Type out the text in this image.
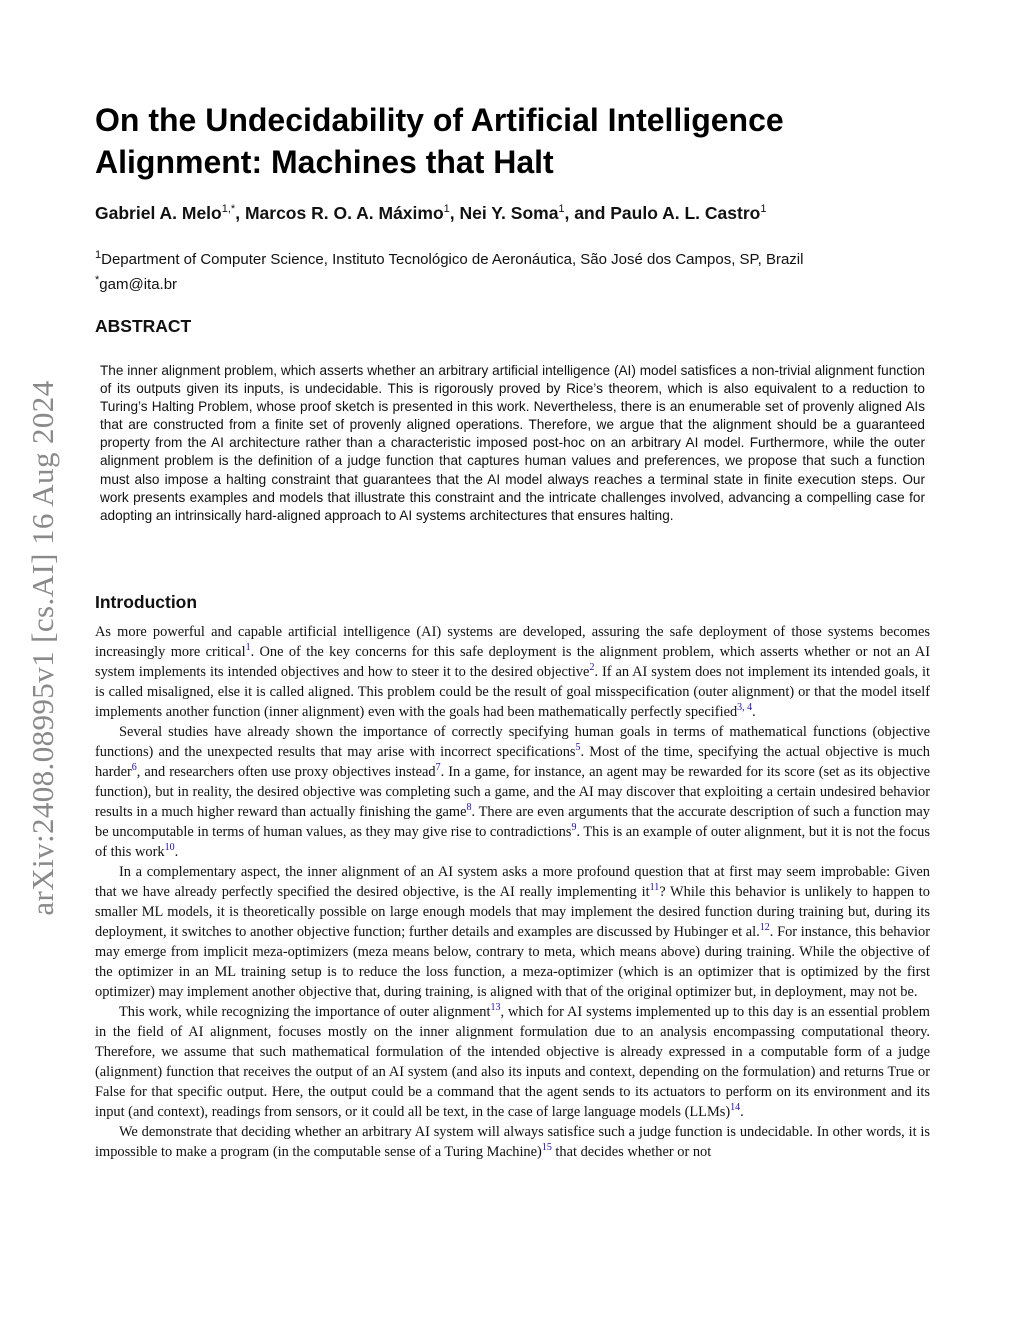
arXiv:2408.08995v1 [cs.AI] 16 Aug 2024
On the Undecidability of Artificial Intelligence Alignment: Machines that Halt
Gabriel A. Melo$^{1,*}$, Marcos R. O. A. Máximo$^1$, Nei Y. Soma$^1$, and Paulo A. L. Castro$^1$
$^1$Department of Computer Science, Instituto Tecnológico de Aeronáutica, São José dos Campos, SP, Brazil
*gam@ita.br
ABSTRACT

The inner alignment problem, which asserts whether an arbitrary artificial intelligence (AI) model satisfices a non-trivial alignment function of its outputs given its inputs, is undecidable. This is rigorously proved by Rice’s theorem, which is also equivalent to a reduction to Turing’s Halting Problem, whose proof sketch is presented in this work. Nevertheless, there is an enumerable set of provenly aligned AIs that are constructed from a finite set of provenly aligned operations. Therefore, we argue that the alignment should be a guaranteed property from the AI architecture rather than a characteristic imposed post-hoc on an arbitrary AI model. Furthermore, while the outer alignment problem is the definition of a judge function that captures human values and preferences, we propose that such a function must also impose a halting constraint that guarantees that the AI model always reaches a terminal state in finite execution steps. Our work presents examples and models that illustrate this constraint and the intricate challenges involved, advancing a compelling case for adopting an intrinsically hard-aligned approach to AI systems architectures that ensures halting.

Introduction

As more powerful and capable artificial intelligence (AI) systems are developed, assuring the safe deployment of those systems becomes increasingly more critical$^1$. One of the key concerns for this safe deployment is the alignment problem, which asserts whether or not an AI system implements its intended objectives and how to steer it to the desired objective$^2$. If an AI system does not implement its intended goals, it is called misaligned, else it is called aligned. This problem could be the result of goal misspecification (outer alignment) or that the model itself implements another function (inner alignment) even with the goals had been mathematically perfectly specified$^{3, 4}$.

Several studies have already shown the importance of correctly specifying human goals in terms of mathematical functions (objective functions) and the unexpected results that may arise with incorrect specifications$^5$. Most of the time, specifying the actual objective is much harder$^6$, and researchers often use proxy objectives instead$^7$. In a game, for instance, an agent may be rewarded for its score (set as its objective function), but in reality, the desired objective was completing such a game, and the AI may discover that exploiting a certain undesired behavior results in a much higher reward than actually finishing the game$^8$. There are even arguments that the accurate description of such a function may be uncomputable in terms of human values, as they may give rise to contradictions$^9$. This is an example of outer alignment, but it is not the focus of this work$^{10}$.

In a complementary aspect, the inner alignment of an AI system asks a more profound question that at first may seem improbable: Given that we have already perfectly specified the desired objective, is the AI really implementing it$^{11}$? While this behavior is unlikely to happen to smaller ML models, it is theoretically possible on large enough models that may implement the desired function during training but, during its deployment, it switches to another objective function; further details and examples are discussed by Hubinger et al.$^{12}$. For instance, this behavior may emerge from implicit meza-optimizers (meza means below, contrary to meta, which means above) during training. While the objective of the optimizer in an ML training setup is to reduce the loss function, a meza-optimizer (which is an optimizer that is optimized by the first optimizer) may implement another objective that, during training, is aligned with that of the original optimizer but, in deployment, may not be.

This work, while recognizing the importance of outer alignment$^{13}$, which for AI systems implemented up to this day is an essential problem in the field of AI alignment, focuses mostly on the inner alignment formulation due to an analysis encompassing computational theory. Therefore, we assume that such mathematical formulation of the intended objective is already expressed in a computable form of a judge (alignment) function that receives the output of an AI system (and also its inputs and context, depending on the formulation) and returns True or False for that specific output. Here, the output could be a command that the agent sends to its actuators to perform on its environment and its input (and context), readings from sensors, or it could all be text, in the case of large language models (LLMs)$^{14}$.

We demonstrate that deciding whether an arbitrary AI system will always satisfice such a judge function is undecidable. In other words, it is impossible to make a program (in the computable sense of a Turing Machine)$^{15}$ that decides whether or not
